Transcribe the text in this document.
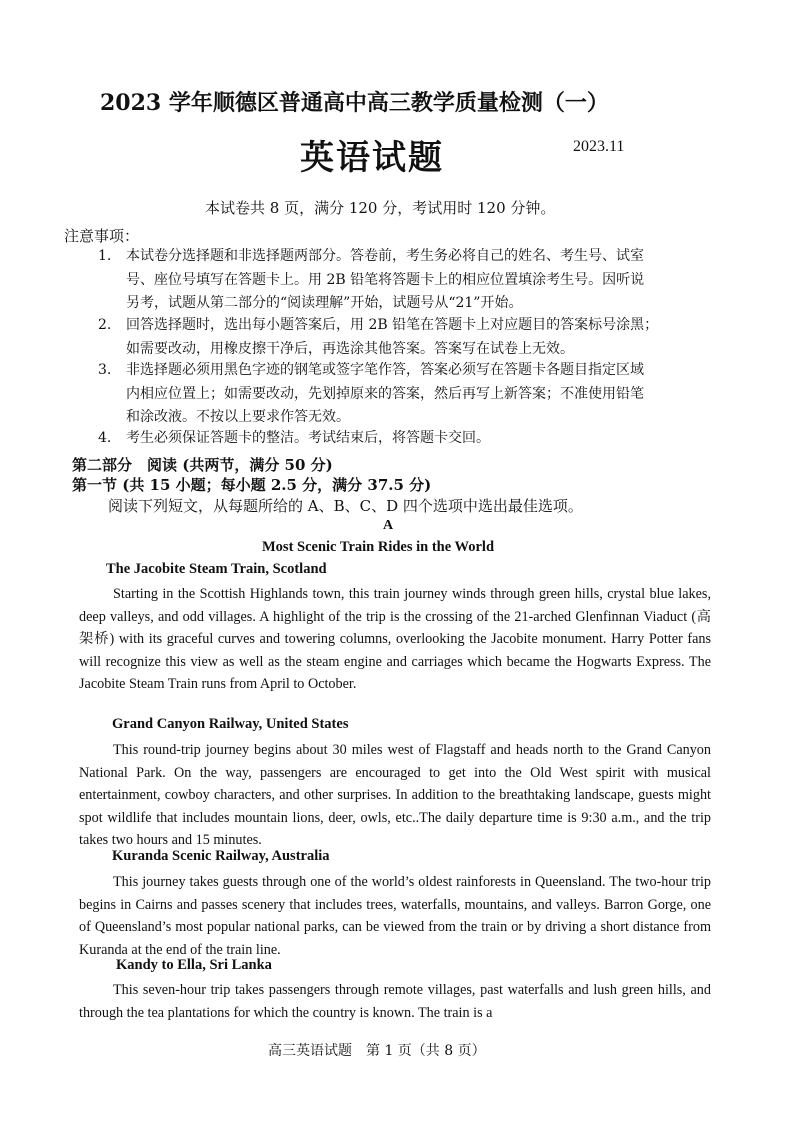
2023 学年顺德区普通高中高三教学质量检测（一）
英语试题	2023.11
本试卷共 8 页，满分 120 分，考试用时 120 分钟。
注意事项：
1.	本试卷分选择题和非选择题两部分。答卷前，考生务必将自己的姓名、考生号、试室
号、座位号填写在答题卡上。用 2B 铅笔将答题卡上的相应位置填涂考生号。因听说
另考，试题从第二部分的“阅读理解”开始，试题号从“21”开始。
2.	回答选择题时，选出每小题答案后，用 2B 铅笔在答题卡上对应题目的答案标号涂黑；
如需要改动，用橡皮擦干净后，再选涂其他答案。答案写在试卷上无效。
3.	非选择题必须用黑色字迹的钢笔或签字笔作答，答案必须写在答题卡各题目指定区域
内相应位置上；如需要改动，先划掉原来的答案，然后再写上新答案；不准使用铅笔
和涂改液。不按以上要求作答无效。
4.	考生必须保证答题卡的整洁。考试结束后，将答题卡交回。
第二部分　阅读 (共两节，满分 50 分)
第一节 (共 15 小题；每小题 2.5 分，满分 37.5 分)
阅读下列短文，从每题所给的 A、B、C、D 四个选项中选出最佳选项。
A
Most Scenic Train Rides in the World
The Jacobite Steam Train, Scotland
Starting in the Scottish Highlands town, this train journey winds through green hills, crystal blue lakes, deep valleys, and odd villages. A highlight of the trip is the crossing of the 21-arched Glenfinnan Viaduct (高架桥) with its graceful curves and towering columns, overlooking the Jacobite monument. Harry Potter fans will recognize this view as well as the steam engine and carriages which became the Hogwarts Express. The Jacobite Steam Train runs from April to October.
Grand Canyon Railway, United States
This round-trip journey begins about 30 miles west of Flagstaff and heads north to the Grand Canyon National Park. On the way, passengers are encouraged to get into the Old West spirit with musical entertainment, cowboy characters, and other surprises. In addition to the breathtaking landscape, guests might spot wildlife that includes mountain lions, deer, owls, etc..The daily departure time is 9:30 a.m., and the trip takes two hours and 15 minutes.
Kuranda Scenic Railway, Australia
This journey takes guests through one of the world’s oldest rainforests in Queensland. The two-hour trip begins in Cairns and passes scenery that includes trees, waterfalls, mountains, and valleys. Barron Gorge, one of Queensland’s most popular national parks, can be viewed from the train or by driving a short distance from Kuranda at the end of the train line.
Kandy to Ella, Sri Lanka
This seven-hour trip takes passengers through remote villages, past waterfalls and lush green hills, and through the tea plantations for which the country is known. The train is a
高三英语试题　第 1 页（共 8 页）
